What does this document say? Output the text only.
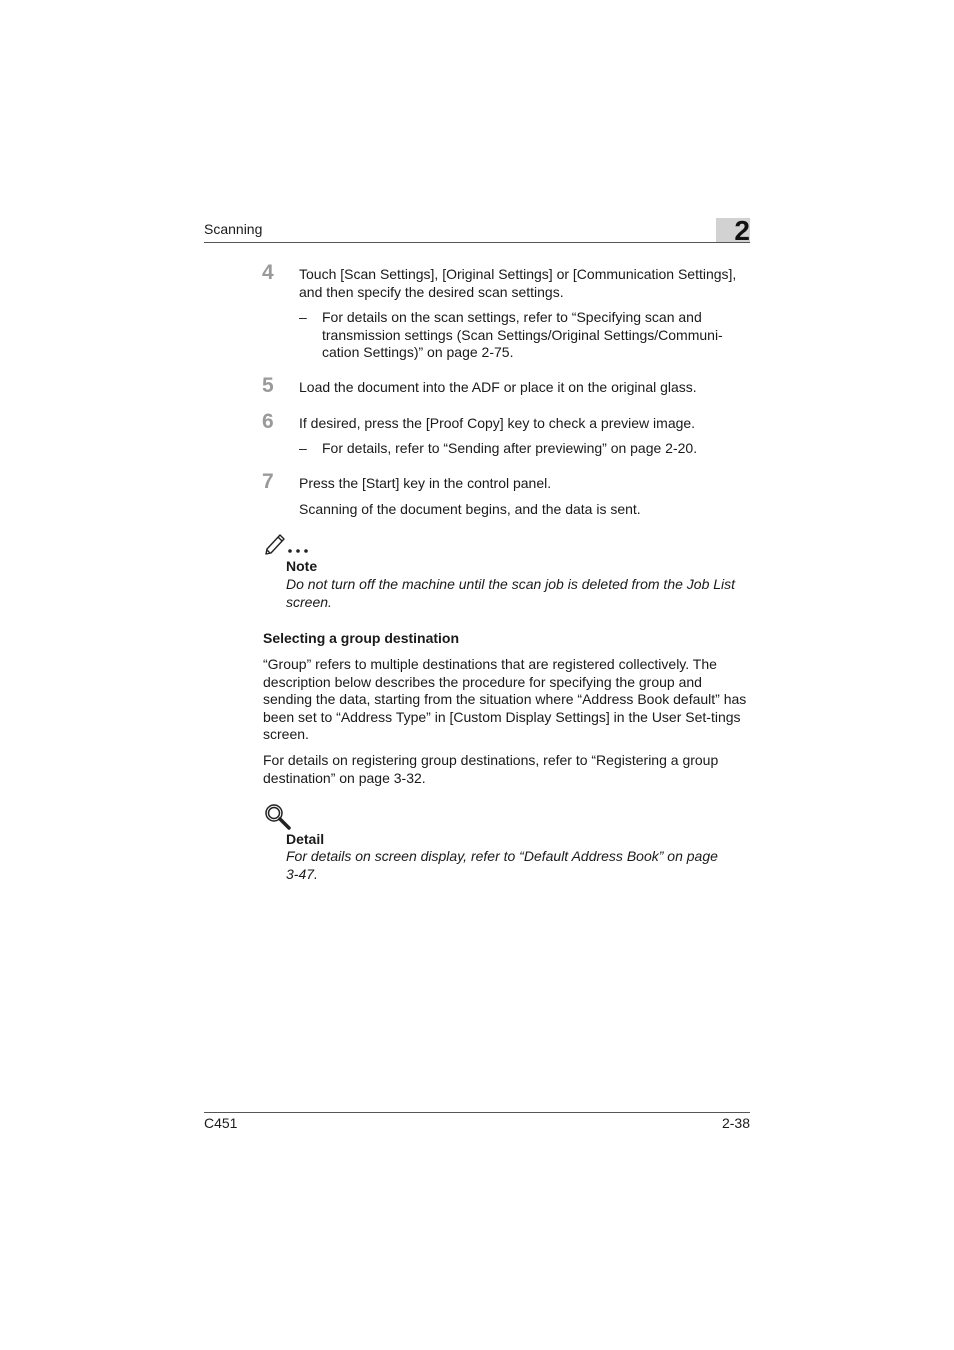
Scanning	2
4 Touch [Scan Settings], [Original Settings] or [Communication Settings], and then specify the desired scan settings.
– For details on the scan settings, refer to “Specifying scan and transmission settings (Scan Settings/Original Settings/Communi-cation Settings)” on page 2-75.
5 Load the document into the ADF or place it on the original glass.
6 If desired, press the [Proof Copy] key to check a preview image.
– For details, refer to “Sending after previewing” on page 2-20.
7 Press the [Start] key in the control panel.
Scanning of the document begins, and the data is sent.
Note
Do not turn off the machine until the scan job is deleted from the Job List screen.
Selecting a group destination
“Group” refers to multiple destinations that are registered collectively. The description below describes the procedure for specifying the group and sending the data, starting from the situation where “Address Book default” has been set to “Address Type” in [Custom Display Settings] in the User Set-tings screen.
For details on registering group destinations, refer to “Registering a group destination” on page 3-32.
Detail
For details on screen display, refer to “Default Address Book” on page 3-47.
C451	2-38
